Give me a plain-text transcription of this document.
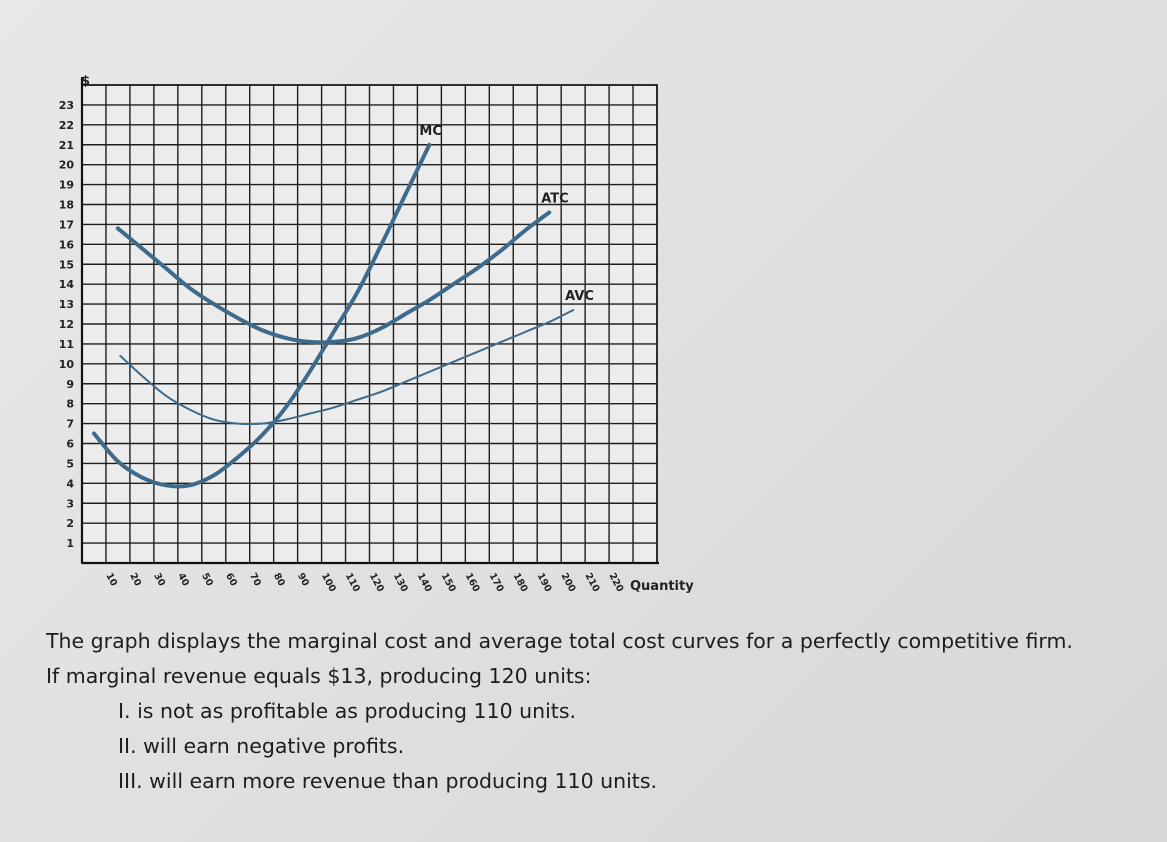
1
2
3
4
5
6
7
8
9
10
11
12
13
14
15
16
17
18
19
20
21
22
23
10 20 30 40 50 60 70 80 90 100 110 120 130 140 150 160 170 180 190 200 210 220
MC
ATC
AVC
$
Quantity
The graph displays the marginal cost and average total cost curves for a perfectly competitive firm.
If marginal revenue equals $13, producing 120 units:
I. is not as profitable as producing 110 units.
II. will earn negative profits.
III. will earn more revenue than producing 110 units.
